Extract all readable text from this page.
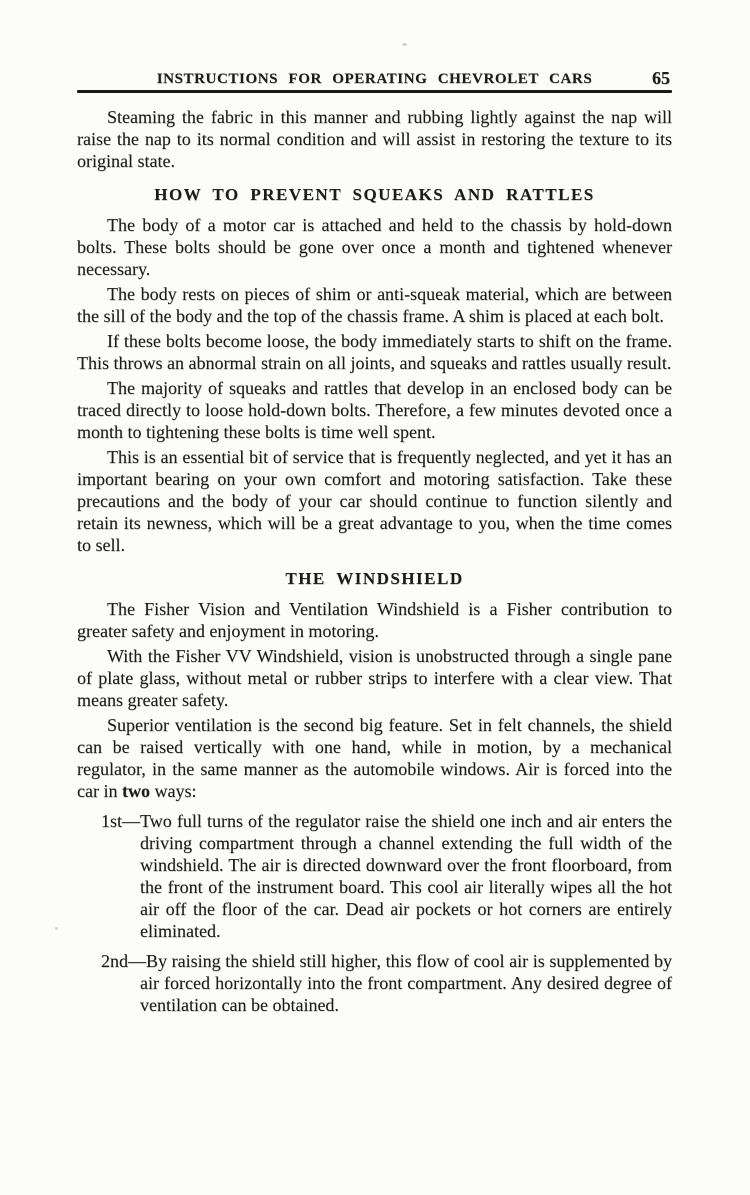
INSTRUCTIONS FOR OPERATING CHEVROLET CARS	65

Steaming the fabric in this manner and rubbing lightly against the nap will raise the nap to its normal condition and will assist in restoring the texture to its original state.

HOW TO PREVENT SQUEAKS AND RATTLES

The body of a motor car is attached and held to the chassis by hold-down bolts. These bolts should be gone over once a month and tightened whenever necessary.

The body rests on pieces of shim or anti-squeak material, which are between the sill of the body and the top of the chassis frame. A shim is placed at each bolt.

If these bolts become loose, the body immediately starts to shift on the frame. This throws an abnormal strain on all joints, and squeaks and rattles usually result.

The majority of squeaks and rattles that develop in an enclosed body can be traced directly to loose hold-down bolts. Therefore, a few minutes devoted once a month to tightening these bolts is time well spent.

This is an essential bit of service that is frequently neglected, and yet it has an important bearing on your own comfort and motoring satisfaction. Take these precautions and the body of your car should continue to function silently and retain its newness, which will be a great advantage to you, when the time comes to sell.

THE WINDSHIELD

The Fisher Vision and Ventilation Windshield is a Fisher contribution to greater safety and enjoyment in motoring.

With the Fisher VV Windshield, vision is unobstructed through a single pane of plate glass, without metal or rubber strips to interfere with a clear view. That means greater safety.

Superior ventilation is the second big feature. Set in felt channels, the shield can be raised vertically with one hand, while in motion, by a mechanical regulator, in the same manner as the automobile windows. Air is forced into the car in two ways:

1st—Two full turns of the regulator raise the shield one inch and air enters the driving compartment through a channel extending the full width of the windshield. The air is directed downward over the front floorboard, from the front of the instrument board. This cool air literally wipes all the hot air off the floor of the car. Dead air pockets or hot corners are entirely eliminated.
2nd—By raising the shield still higher, this flow of cool air is supplemented by air forced horizontally into the front compartment. Any desired degree of ventilation can be obtained.
